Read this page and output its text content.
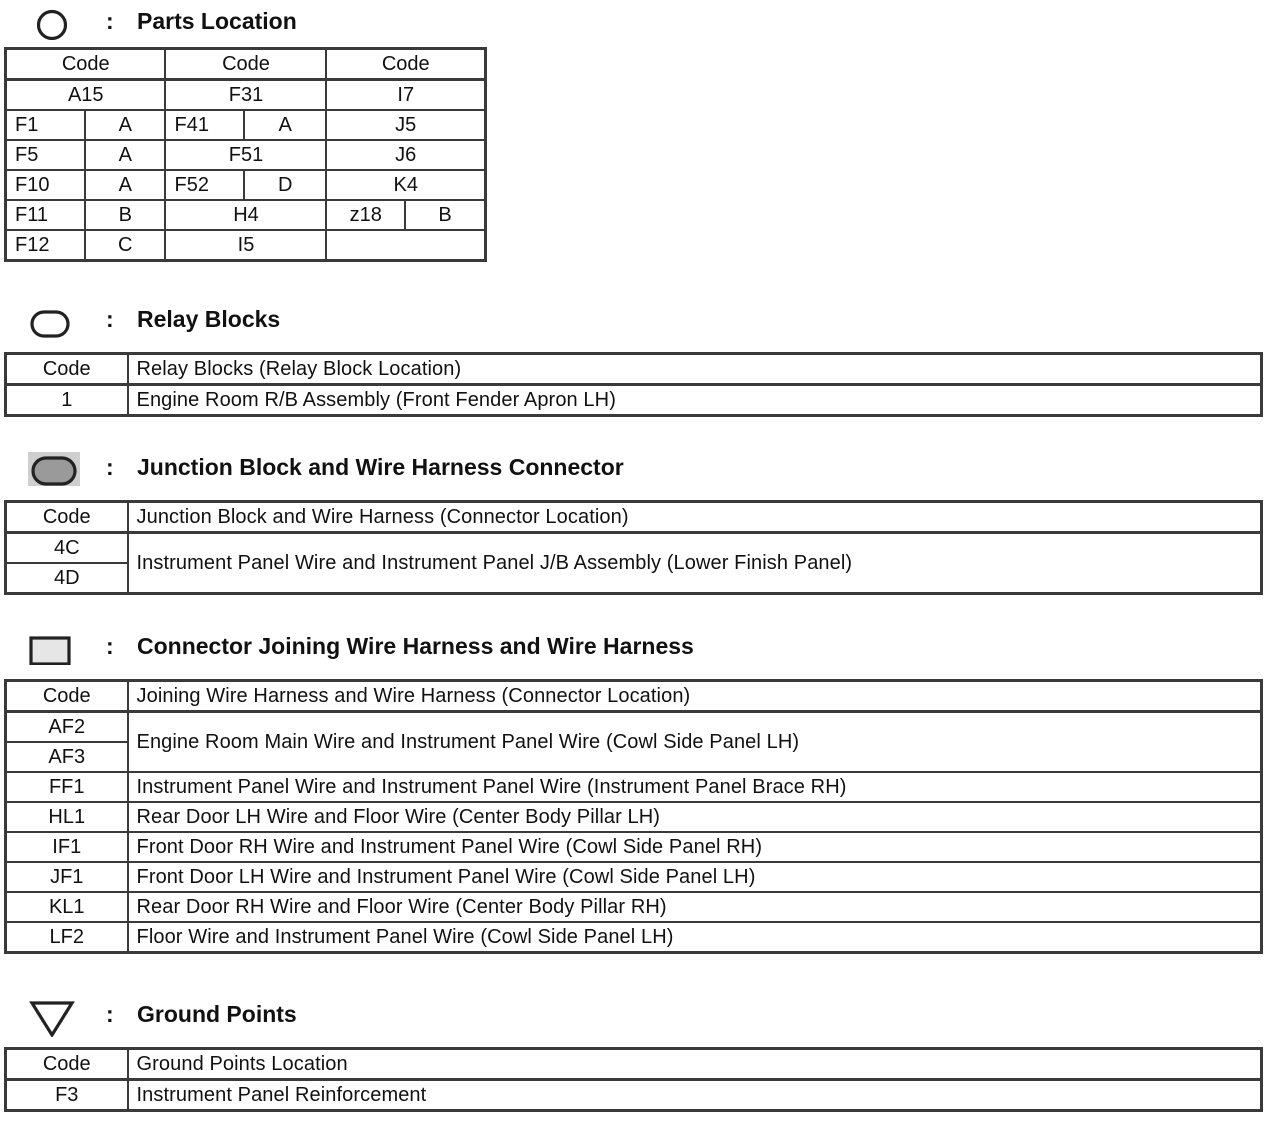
: Parts Location
Code		Code		Code	
A15		F31		I7	
F1	A	F41	A	J5	
F5	A	F51		J6	
F10	A	F52	D	K4	
F11	B	H4		z18	B
F12	C	I5			
: Relay Blocks
Code	Relay Blocks (Relay Block Location)
1	Engine Room R/B Assembly (Front Fender Apron LH)
: Junction Block and Wire Harness Connector
Code	Junction Block and Wire Harness (Connector Location)
4C	Instrument Panel Wire and Instrument Panel J/B Assembly (Lower Finish Panel)
4D	
: Connector Joining Wire Harness and Wire Harness
Code	Joining Wire Harness and Wire Harness (Connector Location)
AF2	Engine Room Main Wire and Instrument Panel Wire (Cowl Side Panel LH)
AF3	
FF1	Instrument Panel Wire and Instrument Panel Wire (Instrument Panel Brace RH)
HL1	Rear Door LH Wire and Floor Wire (Center Body Pillar LH)
IF1	Front Door RH Wire and Instrument Panel Wire (Cowl Side Panel RH)
JF1	Front Door LH Wire and Instrument Panel Wire (Cowl Side Panel LH)
KL1	Rear Door RH Wire and Floor Wire (Center Body Pillar RH)
LF2	Floor Wire and Instrument Panel Wire (Cowl Side Panel LH)
: Ground Points
Code	Ground Points Location
F3	Instrument Panel Reinforcement
